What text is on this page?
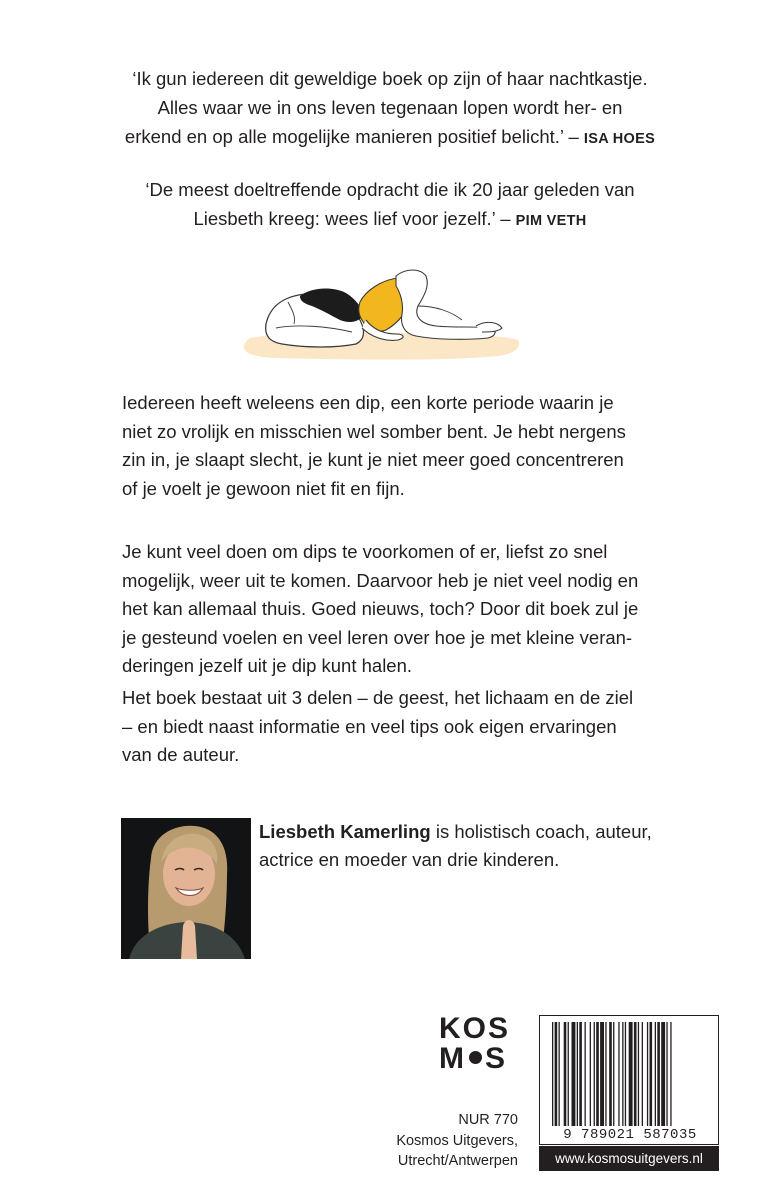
‘Ik gun iedereen dit geweldige boek op zijn of haar nachtkastje.
Alles waar we in ons leven tegenaan lopen wordt her- en
erkend en op alle mogelijke manieren positief belicht.’ – ISA HOES
‘De meest doeltreffende opdracht die ik 20 jaar geleden van
Liesbeth kreeg: wees lief voor jezelf.’ – PIM VETH
Iedereen heeft weleens een dip, een korte periode waarin je
niet zo vrolijk en misschien wel somber bent. Je hebt nergens
zin in, je slaapt slecht, je kunt je niet meer goed concentreren
of je voelt je gewoon niet fit en fijn.
Je kunt veel doen om dips te voorkomen of er, liefst zo snel
mogelijk, weer uit te komen. Daarvoor heb je niet veel nodig en
het kan allemaal thuis. Goed nieuws, toch? Door dit boek zul je
je gesteund voelen en veel leren over hoe je met kleine veran-
deringen jezelf uit je dip kunt halen.
Het boek bestaat uit 3 delen – de geest, het lichaam en de ziel
– en biedt naast informatie en veel tips ook eigen ervaringen
van de auteur.
Liesbeth Kamerling is holistisch coach, auteur,
actrice en moeder van drie kinderen.
KOS
M S
NUR 770
Kosmos Uitgevers,
Utrecht/Antwerpen
9 789021 587035
www.kosmosuitgevers.nl
